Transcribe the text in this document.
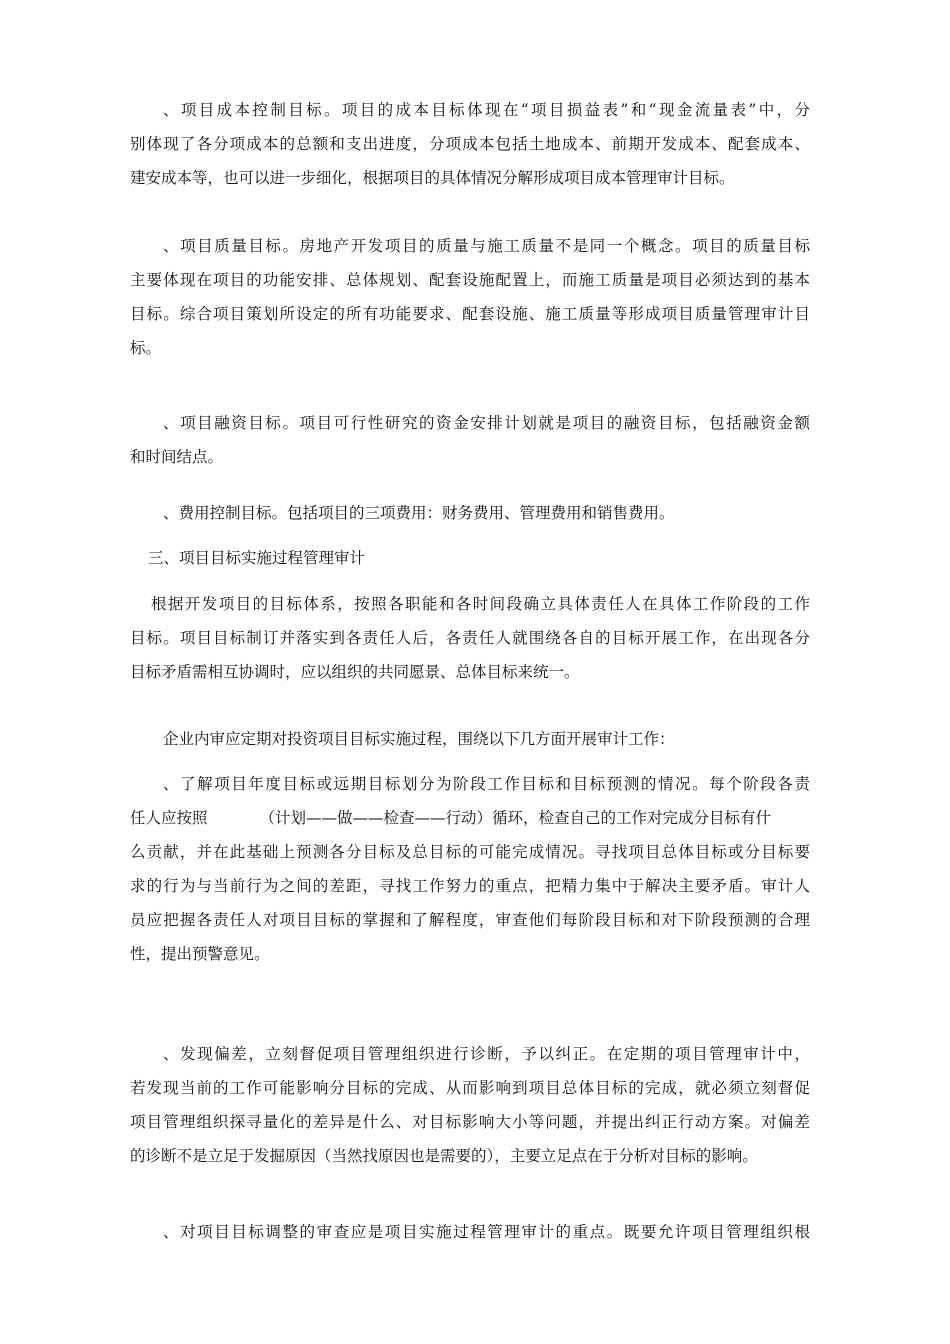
、项目成本控制目标。项目的成本目标体现在“项目损益表”和“现金流量表”中，分
别体现了各分项成本的总额和支出进度，分项成本包括土地成本、前期开发成本、配套成本、
建安成本等，也可以进一步细化，根据项目的具体情况分解形成项目成本管理审计目标。
、项目质量目标。房地产开发项目的质量与施工质量不是同一个概念。项目的质量目标
主要体现在项目的功能安排、总体规划、配套设施配置上，而施工质量是项目必须达到的基本
目标。综合项目策划所设定的所有功能要求、配套设施、施工质量等形成项目质量管理审计目
标。
、项目融资目标。项目可行性研究的资金安排计划就是项目的融资目标，包括融资金额
和时间结点。
、费用控制目标。包括项目的三项费用：财务费用、管理费用和销售费用。
三、项目目标实施过程管理审计
根据开发项目的目标体系，按照各职能和各时间段确立具体责任人在具体工作阶段的工作
目标。项目目标制订并落实到各责任人后，各责任人就围绕各自的目标开展工作，在出现各分
目标矛盾需相互协调时，应以组织的共同愿景、总体目标来统一。
企业内审应定期对投资项目目标实施过程，围绕以下几方面开展审计工作：
、了解项目年度目标或远期目标划分为阶段工作目标和目标预测的情况。每个阶段各责
任人应按照	（计划——做——检查——行动）循环，检查自己的工作对完成分目标有什
么贡献，并在此基础上预测各分目标及总目标的可能完成情况。寻找项目总体目标或分目标要
求的行为与当前行为之间的差距，寻找工作努力的重点，把精力集中于解决主要矛盾。审计人
员应把握各责任人对项目目标的掌握和了解程度，审查他们每阶段目标和对下阶段预测的合理
性，提出预警意见。
、发现偏差，立刻督促项目管理组织进行诊断，予以纠正。在定期的项目管理审计中，
若发现当前的工作可能影响分目标的完成、从而影响到项目总体目标的完成，就必须立刻督促
项目管理组织探寻量化的差异是什么、对目标影响大小等问题，并提出纠正行动方案。对偏差
的诊断不是立足于发掘原因（当然找原因也是需要的），主要立足点在于分析对目标的影响。
、对项目目标调整的审查应是项目实施过程管理审计的重点。既要允许项目管理组织根
